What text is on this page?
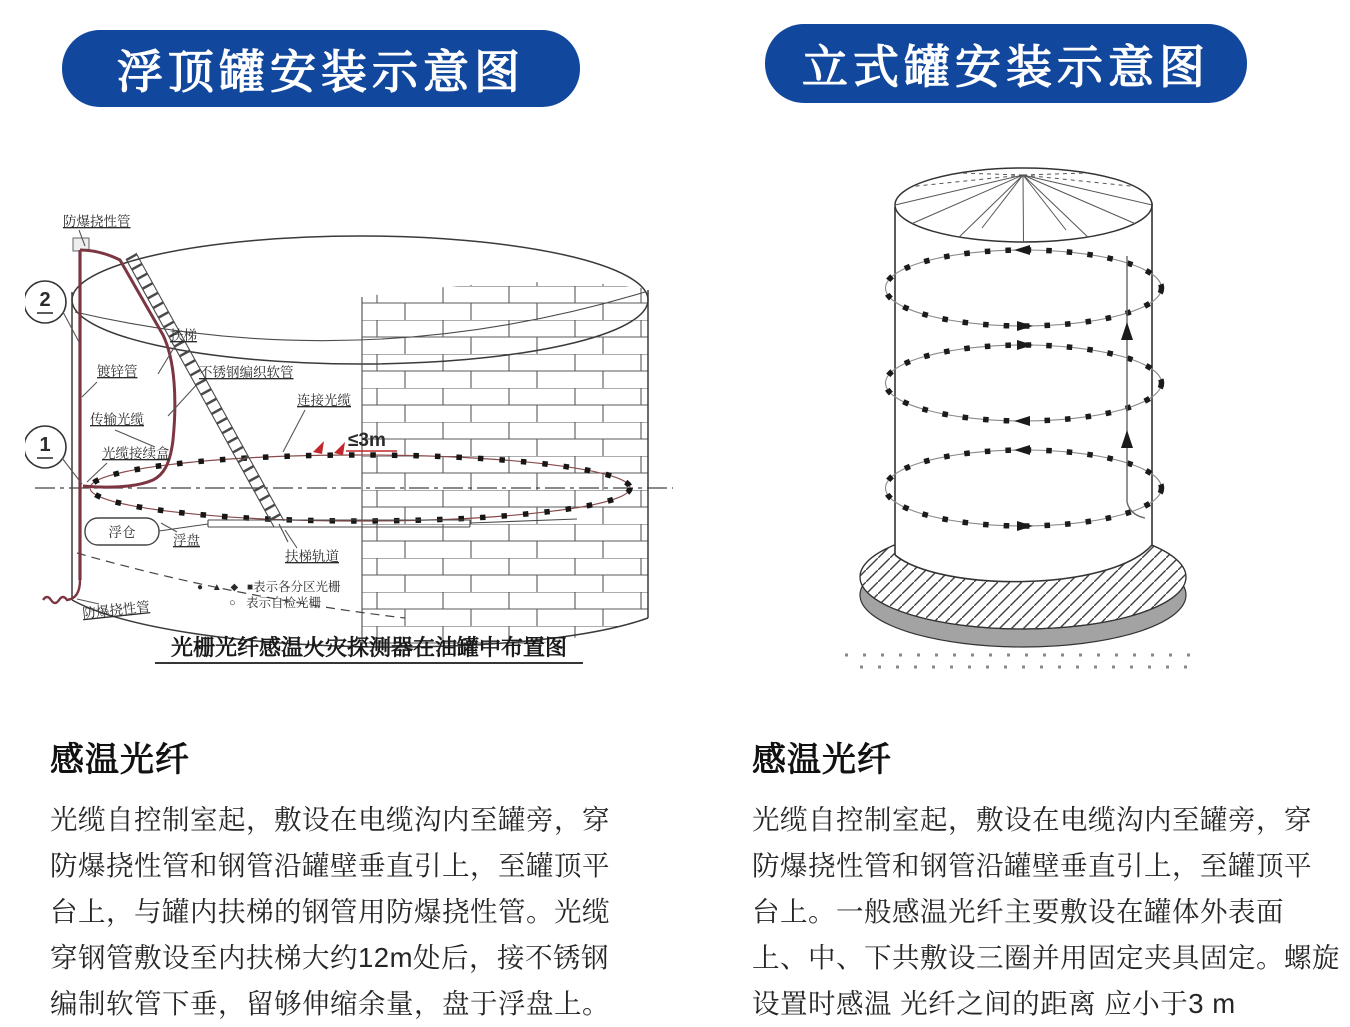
浮顶罐安装示意图	立式罐安装示意图
≤3m
2
1
防爆挠性管
扶梯
镀锌管
传输光缆
不锈钢编织软管
连接光缆
光缆接续盒
浮仓
浮盘
扶梯轨道
防爆挠性管
● ▲ ◆ ■
表示各分区光栅
○ 表示自检光栅
光栅光纤感温火灾探测器在油罐中布置图
感温光纤
光缆自控制室起，敷设在电缆沟内至罐旁，穿
防爆挠性管和钢管沿罐壁垂直引上，至罐顶平
台上，与罐内扶梯的钢管用防爆挠性管。光缆
穿钢管敷设至内扶梯大约12m处后，接不锈钢
编制软管下垂，留够伸缩余量，盘于浮盘上。
感温光纤
光缆自控制室起，敷设在电缆沟内至罐旁，穿
防爆挠性管和钢管沿罐壁垂直引上，至罐顶平
台上。一般感温光纤主要敷设在罐体外表面
上、中、下共敷设三圈并用固定夹具固定。螺旋
设置时感温 光纤之间的距离 应小于3 m
